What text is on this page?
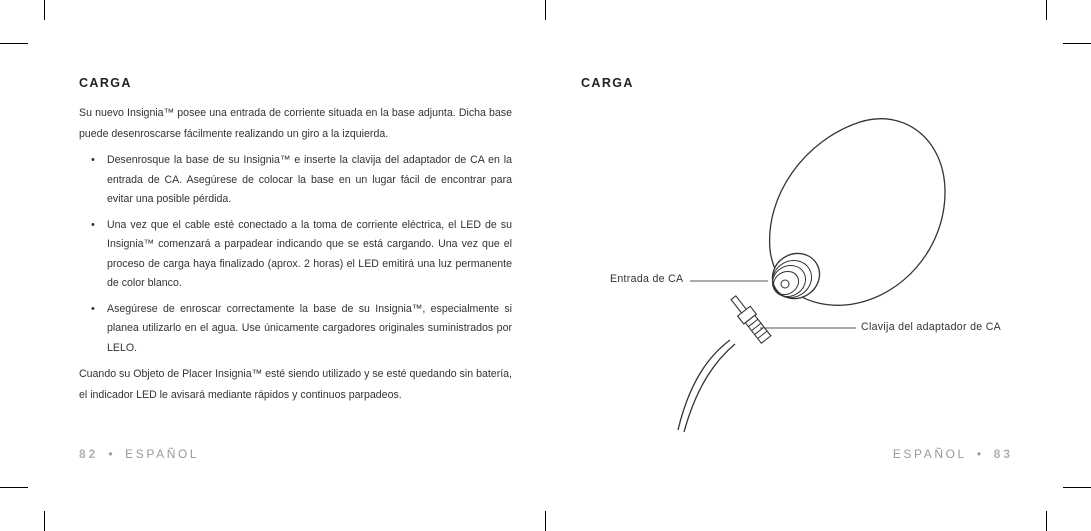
CARGA

Su nuevo Insignia™ posee una entrada de corriente situada en la base adjunta. Dicha base puede desenroscarse fácilmente realizando un giro a la izquierda.

• Desenrosque la base de su Insignia™ e inserte la clavija del adaptador de CA en la entrada de CA. Asegúrese de colocar la base en un lugar fácil de encontrar para evitar una posible pérdida.
• Una vez que el cable esté conectado a la toma de corriente eléctrica, el LED de su Insignia™ comenzará a parpadear indicando que se está cargando. Una vez que el proceso de carga haya finalizado (aprox. 2 horas) el LED emitirá una luz permanente de color blanco.
• Asegúrese de enroscar correctamente la base de su Insignia™, especialmente si planea utilizarlo en el agua. Use únicamente cargadores originales suministrados por LELO.

Cuando su Objeto de Placer Insignia™ esté siendo utilizado y se esté quedando sin batería, el indicador LED le avisará mediante rápidos y continuos parpadeos.

82 • ESPAÑOL
CARGA
Entrada de CA
Clavija del adaptador de CA
ESPAÑOL • 83
